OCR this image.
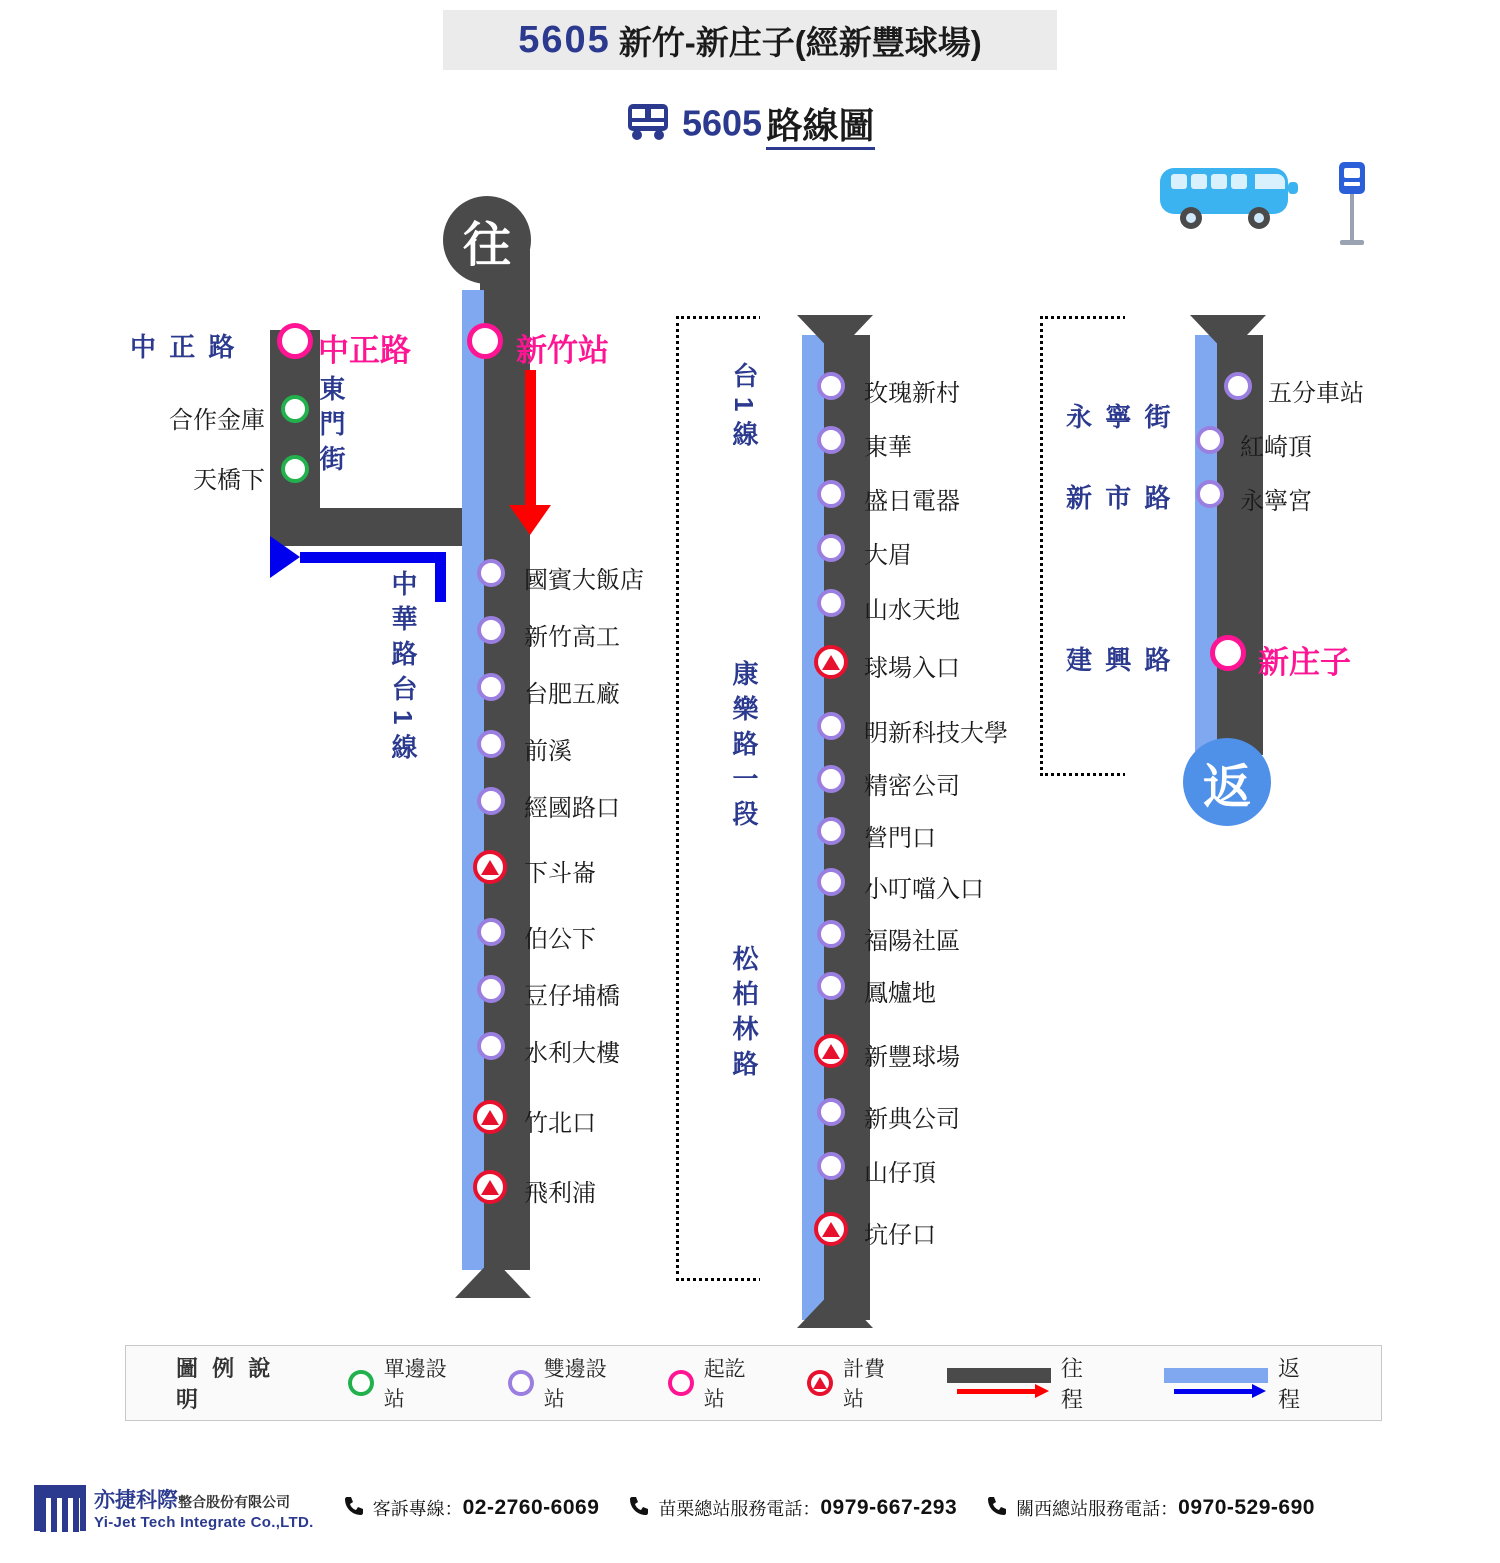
5605 新竹-新庄子(經新豐球場)
5605 路線圖
往
中 正 路
東門街
中華路台1線
中正路
合作金庫
天橋下
新竹站
國賓大飯店
新竹高工
台肥五廠
前溪
經國路口
下斗崙
伯公下
豆仔埔橋
水利大樓
竹北口
飛利浦
台1線
康樂路一段
松柏林路
玫瑰新村
東華
盛日電器
大眉
山水天地
球場入口
明新科技大學
精密公司
營門口
小叮噹入口
福陽社區
鳳爐地
新豐球場
新典公司
山仔頂
坑仔口
永 寧 街
新 市 路
建 興 路
五分車站
紅崎頂
永寧宮
新庄子
返
圖 例 說 明
單邊設站
雙邊設站
起訖站
計費站
往 程
返 程
亦捷科際整合股份有限公司
Yi-Jet Tech Integrate Co.,LTD.
客訴專線： 02-2760-6069	苗栗總站服務電話： 0979-667-293	關西總站服務電話： 0970-529-690
